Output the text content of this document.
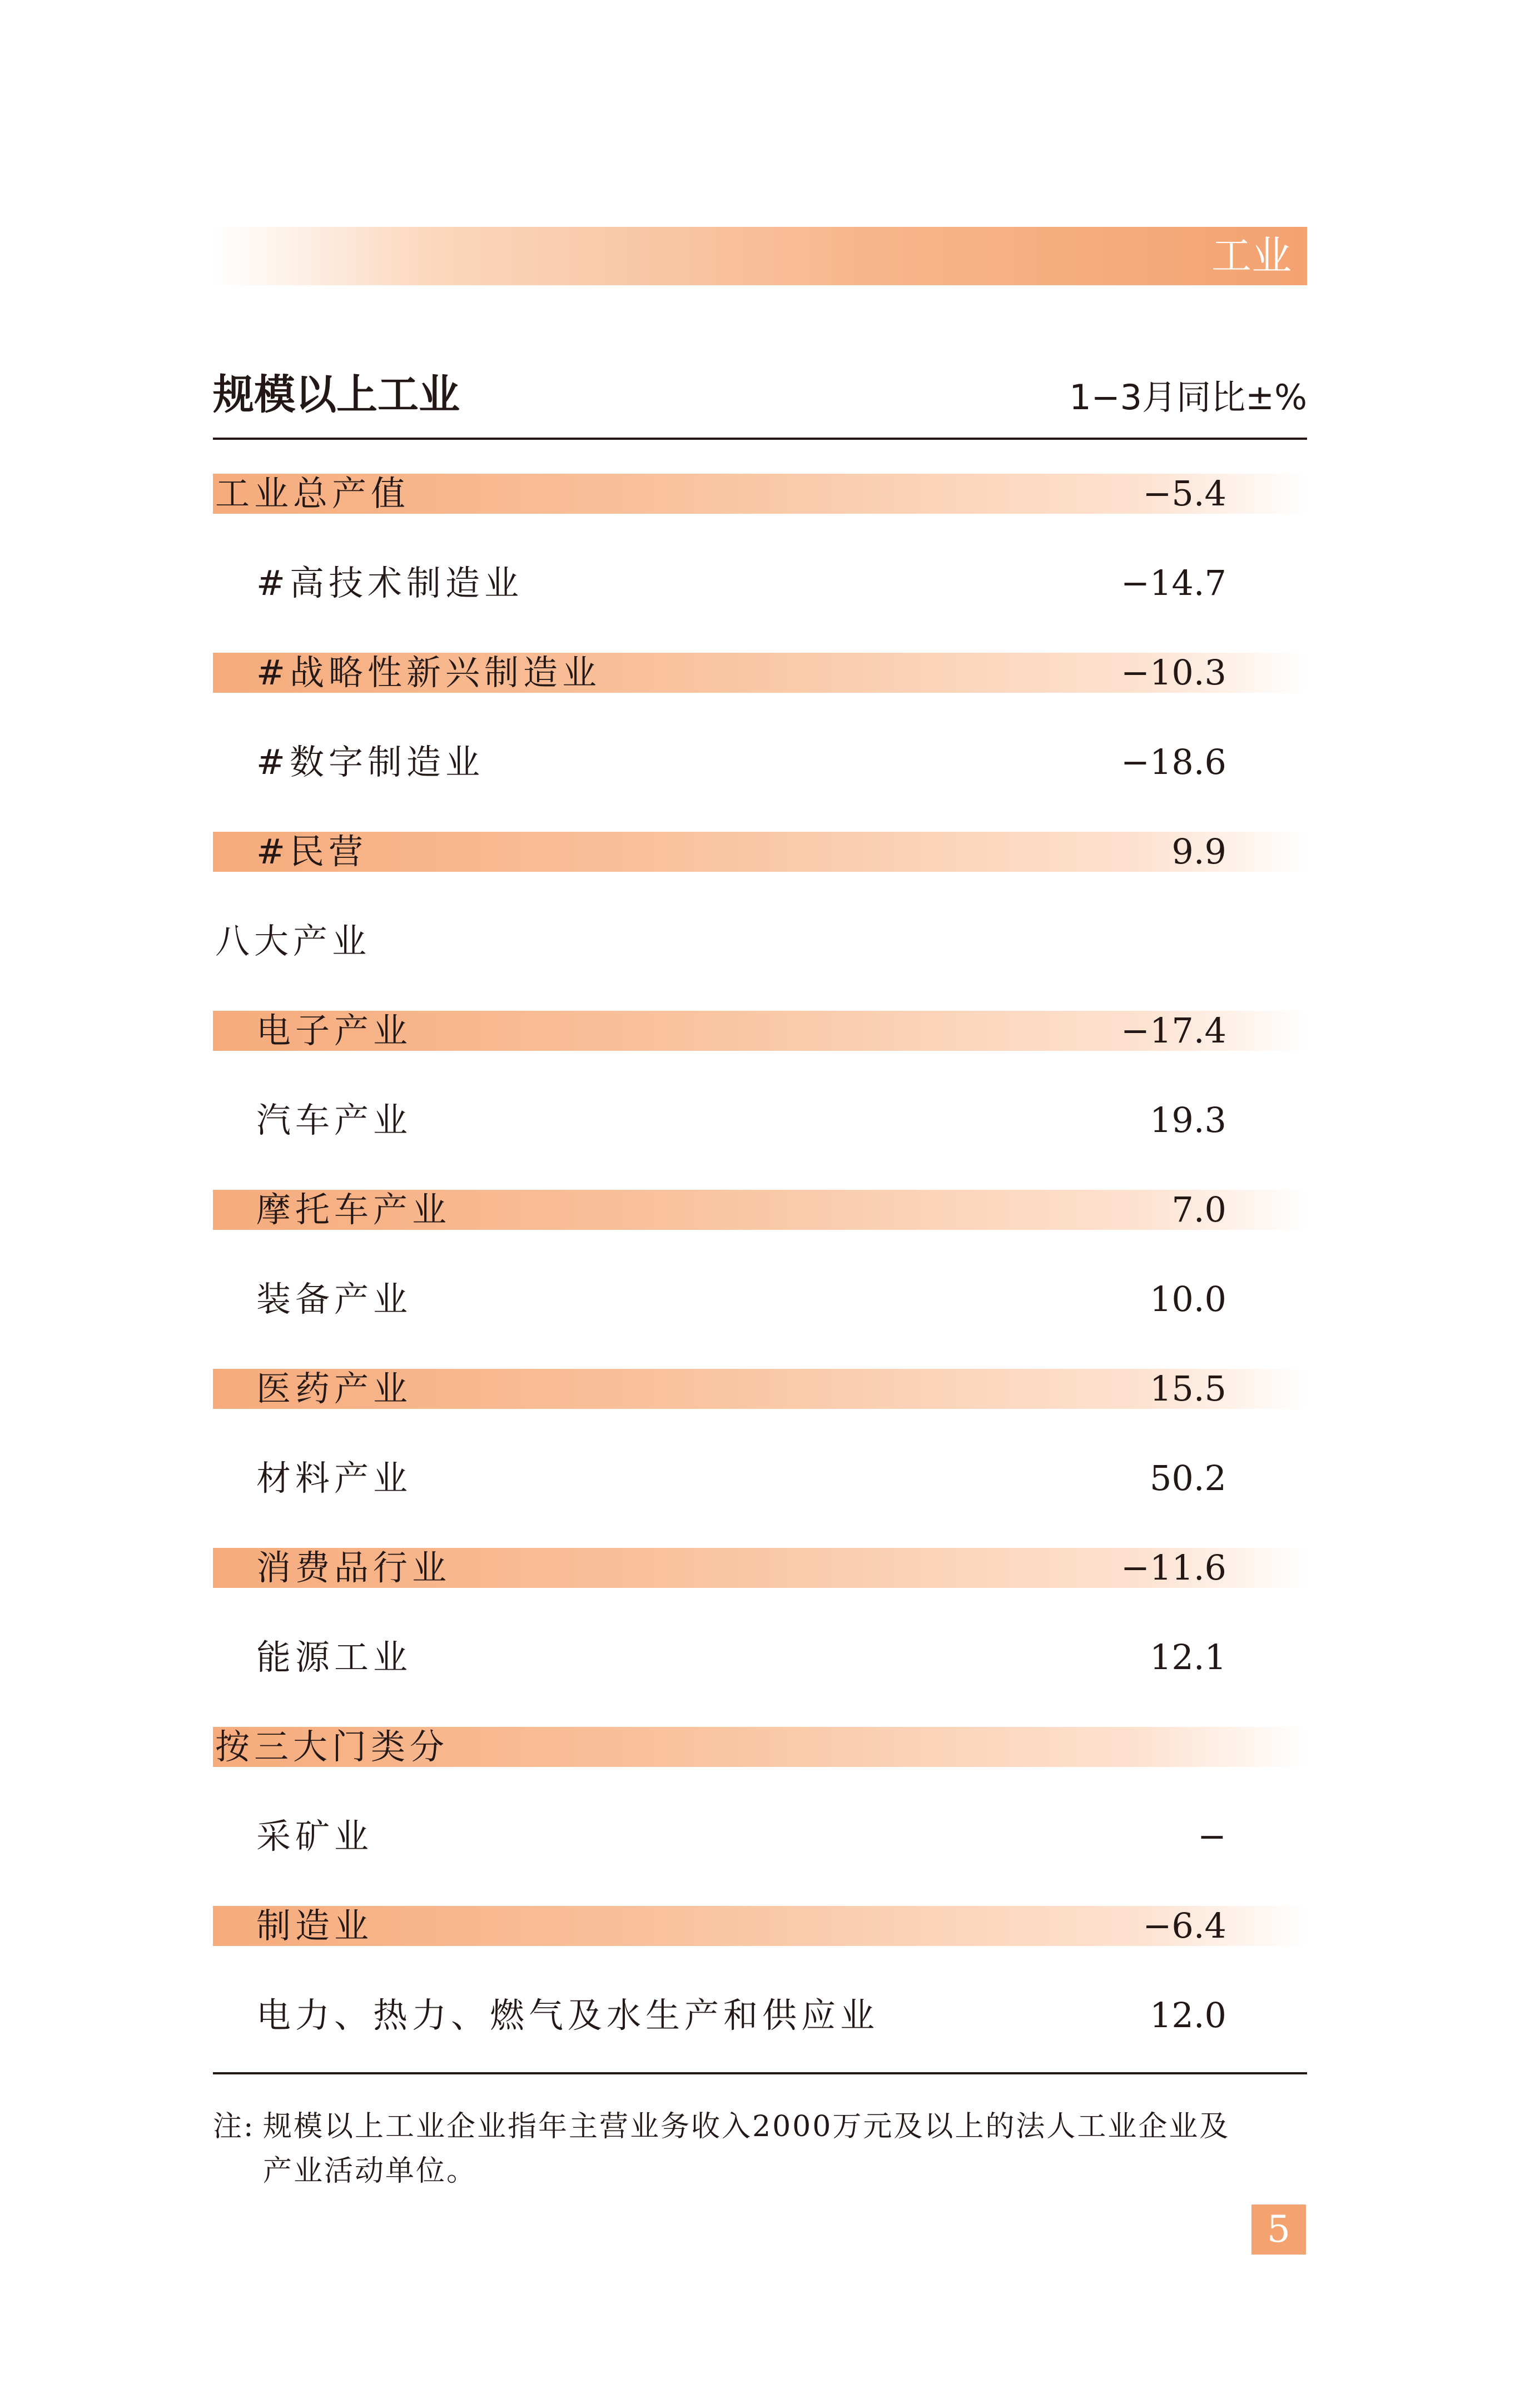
工业
规模以上工业	1−3月同比±%
工业总产值	−5.4
#高技术制造业	−14.7
#战略性新兴制造业	−10.3
#数字制造业	−18.6
#民营	9.9
八大产业
电子产业	−17.4
汽车产业	19.3
摩托车产业	7.0
装备产业	10.0
医药产业	15.5
材料产业	50.2
消费品行业	−11.6
能源工业	12.1
按三大门类分
采矿业	−
制造业	−6.4
电力、热力、燃气及水生产和供应业	12.0
注: 规模以上工业企业指年主营业务收入2000万元及以上的法人工业企业及
产业活动单位。
5
